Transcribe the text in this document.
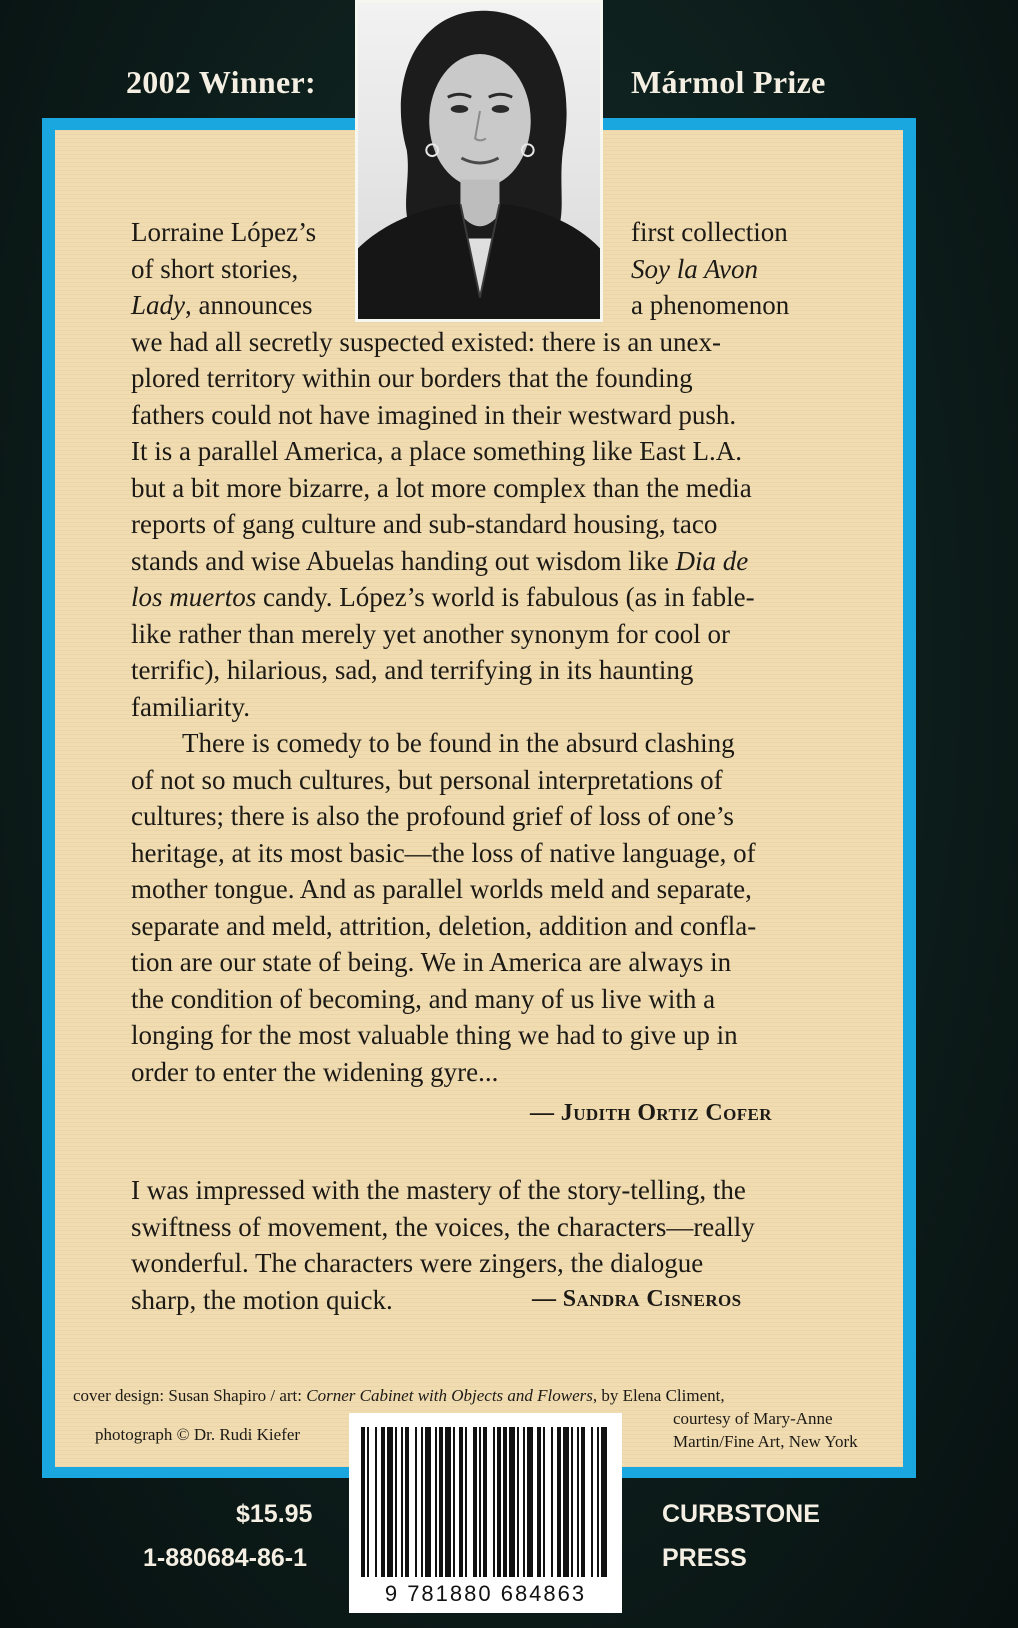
2002 Winner:	Mármol Prize
Lorraine López’s	first collection
of short stories,	Soy la Avon
Lady, announces	a phenomenon
we had all secretly suspected existed: there is an unex-
plored territory within our borders that the founding
fathers could not have imagined in their westward push.
It is a parallel America, a place something like East L.A.
but a bit more bizarre, a lot more complex than the media
reports of gang culture and sub-standard housing, taco
stands and wise Abuelas handing out wisdom like Dia de
los muertos candy. López’s world is fabulous (as in fable-
like rather than merely yet another synonym for cool or
terrific), hilarious, sad, and terrifying in its haunting
familiarity.
There is comedy to be found in the absurd clashing
of not so much cultures, but personal interpretations of
cultures; there is also the profound grief of loss of one’s
heritage, at its most basic—the loss of native language, of
mother tongue. And as parallel worlds meld and separate,
separate and meld, attrition, deletion, addition and confla-
tion are our state of being. We in America are always in
the condition of becoming, and many of us live with a
longing for the most valuable thing we had to give up in
order to enter the widening gyre...
— Judith Ortiz Cofer
I was impressed with the mastery of the story-telling, the
swiftness of movement, the voices, the characters—really
wonderful. The characters were zingers, the dialogue
sharp, the motion quick.	— Sandra Cisneros
cover design: Susan Shapiro / art: Corner Cabinet with Objects and Flowers, by Elena Climent,
courtesy of Mary-Anne
Martin/Fine Art, New York
photograph © Dr. Rudi Kiefer
9 781880 684863
$15.95
1-880684-86-1
CURBSTONE
PRESS
